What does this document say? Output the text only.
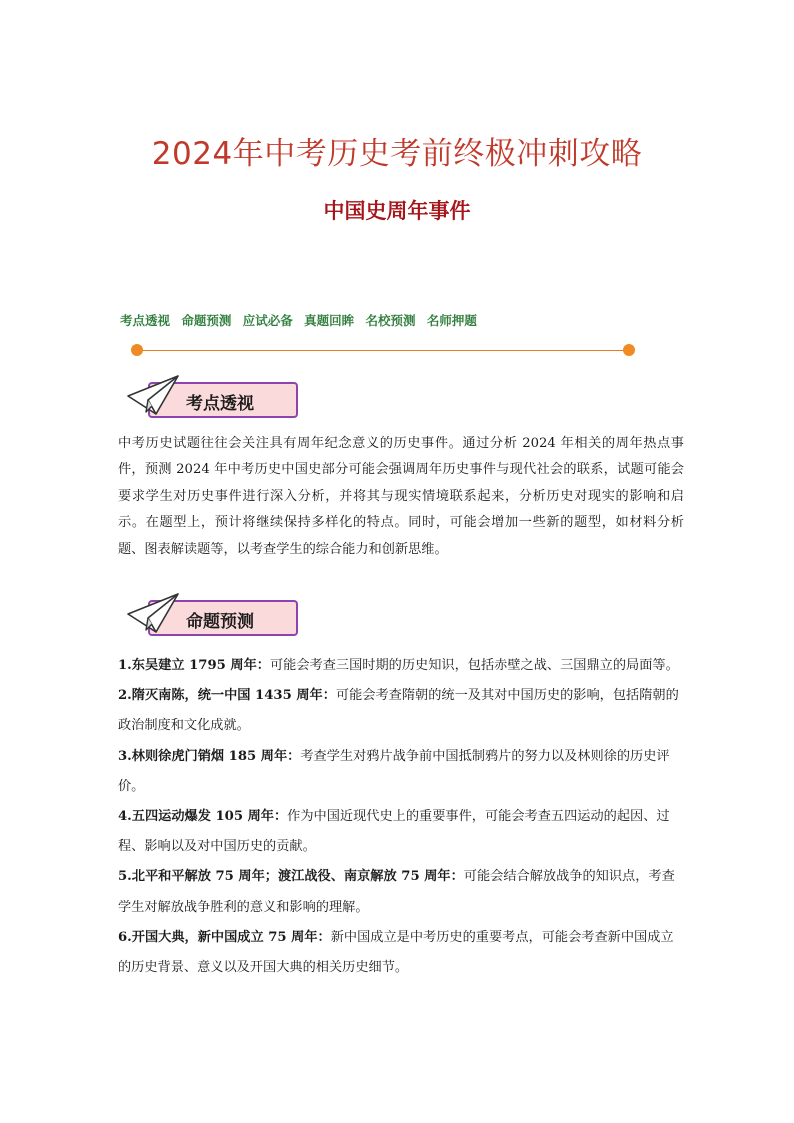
2024年中考历史考前终极冲刺攻略
中国史周年事件
考点透视 命题预测 应试必备 真题回眸 名校预测 名师押题
考点透视

中考历史试题往往会关注具有周年纪念意义的历史事件。通过分析 2024 年相关的周年热点事件，预测 2024 年中考历史中国史部分可能会强调周年历史事件与现代社会的联系，试题可能会要求学生对历史事件进行深入分析，并将其与现实情境联系起来，分析历史对现实的影响和启示。在题型上，预计将继续保持多样化的特点。同时，可能会增加一些新的题型，如材料分析题、图表解读题等，以考查学生的综合能力和创新思维。

命题预测
1.东吴建立 1795 周年：可能会考查三国时期的历史知识，包括赤壁之战、三国鼎立的局面等。
2.隋灭南陈，统一中国 1435 周年：可能会考查隋朝的统一及其对中国历史的影响，包括隋朝的政治制度和文化成就。
3.林则徐虎门销烟 185 周年：考查学生对鸦片战争前中国抵制鸦片的努力以及林则徐的历史评价。
4.五四运动爆发 105 周年：作为中国近现代史上的重要事件，可能会考查五四运动的起因、过程、影响以及对中国历史的贡献。
5.北平和平解放 75 周年；渡江战役、南京解放 75 周年：可能会结合解放战争的知识点，考查学生对解放战争胜利的意义和影响的理解。
6.开国大典，新中国成立 75 周年：新中国成立是中考历史的重要考点，可能会考查新中国成立的历史背景、意义以及开国大典的相关历史细节。
